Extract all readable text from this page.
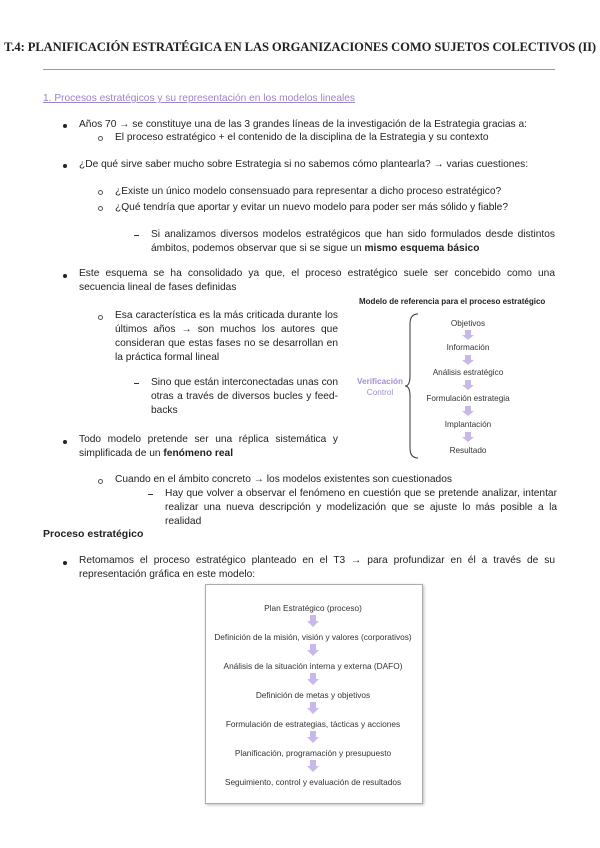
T.4: PLANIFICACIÓN ESTRATÉGICA EN LAS ORGANIZACIONES COMO SUJETOS COLECTIVOS (II)
1. Procesos estratégicos y su representación en los modelos lineales
Años 70 → se constituye una de las 3 grandes líneas de la investigación de la Estrategia gracias a:
El proceso estratégico + el contenido de la disciplina de la Estrategia y su contexto
¿De qué sirve saber mucho sobre Estrategia si no sabemos cómo plantearla? → varias cuestiones:
¿Existe un único modelo consensuado para representar a dicho proceso estratégico?
¿Qué tendría que aportar y evitar un nuevo modelo para poder ser más sólido y fiable?
Si analizamos diversos modelos estratégicos que han sido formulados desde distintos ámbitos, podemos observar que si se sigue un mismo esquema básico
Este esquema se ha consolidado ya que, el proceso estratégico suele ser concebido como una secuencia lineal de fases definidas
Esa característica es la más criticada durante los últimos años → son muchos los autores que consideran que estas fases no se desarrollan en la práctica formal lineal
Sino que están interconectadas unas con otras a través de diversos bucles y feed-backs
Todo modelo pretende ser una réplica sistemática y simplificada de un fenómeno real
Cuando en el ámbito concreto → los modelos existentes son cuestionados
Hay que volver a observar el fenómeno en cuestión que se pretende analizar, intentar realizar una nueva descripción y modelización que se ajuste lo más posible a la realidad
Modelo de referencia para el proceso estratégico
Verificación
Control
Objetivos
Información
Análisis estratégico
Formulación estrategia
Implantación
Resultado
Proceso estratégico
Retomamos el proceso estratégico planteado en el T3 → para profundizar en él a través de su representación gráfica en este modelo:
Plan Estratégico (proceso)
Definición de la misión, visión y valores (corporativos)
Análisis de la situación interna y externa (DAFO)
Definición de metas y objetivos
Formulación de estrategias, tácticas y acciones
Planificación, programación y presupuesto
Seguimiento, control y evaluación de resultados
